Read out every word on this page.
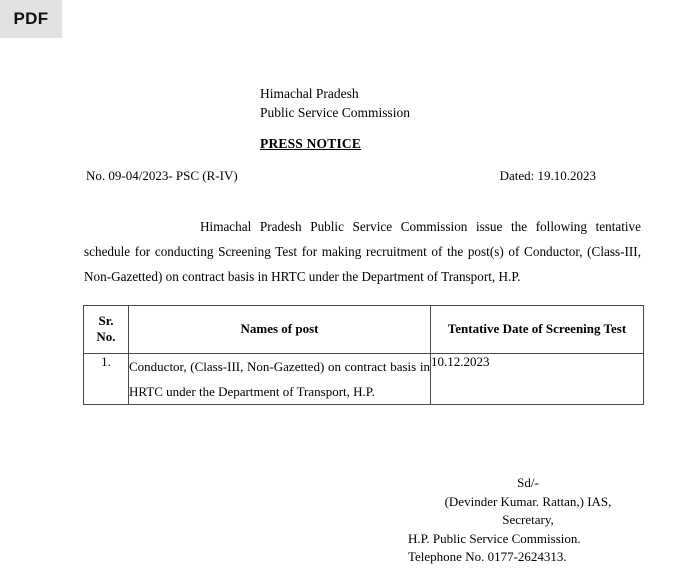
PDF
Himachal Pradesh
Public Service Commission
PRESS NOTICE
No. 09-04/2023- PSC (R-IV)	Dated: 19.10.2023
Himachal Pradesh Public Service Commission issue the following tentative schedule for conducting Screening Test for making recruitment of the post(s) of Conductor, (Class-III, Non-Gazetted) on contract basis in HRTC under the Department of Transport, H.P.
Sr. No.	Names of post	Tentative Date of Screening Test
1.	Conductor, (Class-III, Non-Gazetted) on contract basis in HRTC under the Department of Transport, H.P.	10.12.2023
Sd/-
(Devinder Kumar. Rattan,) IAS,
Secretary,
H.P. Public Service Commission.
Telephone No. 0177-2624313.
